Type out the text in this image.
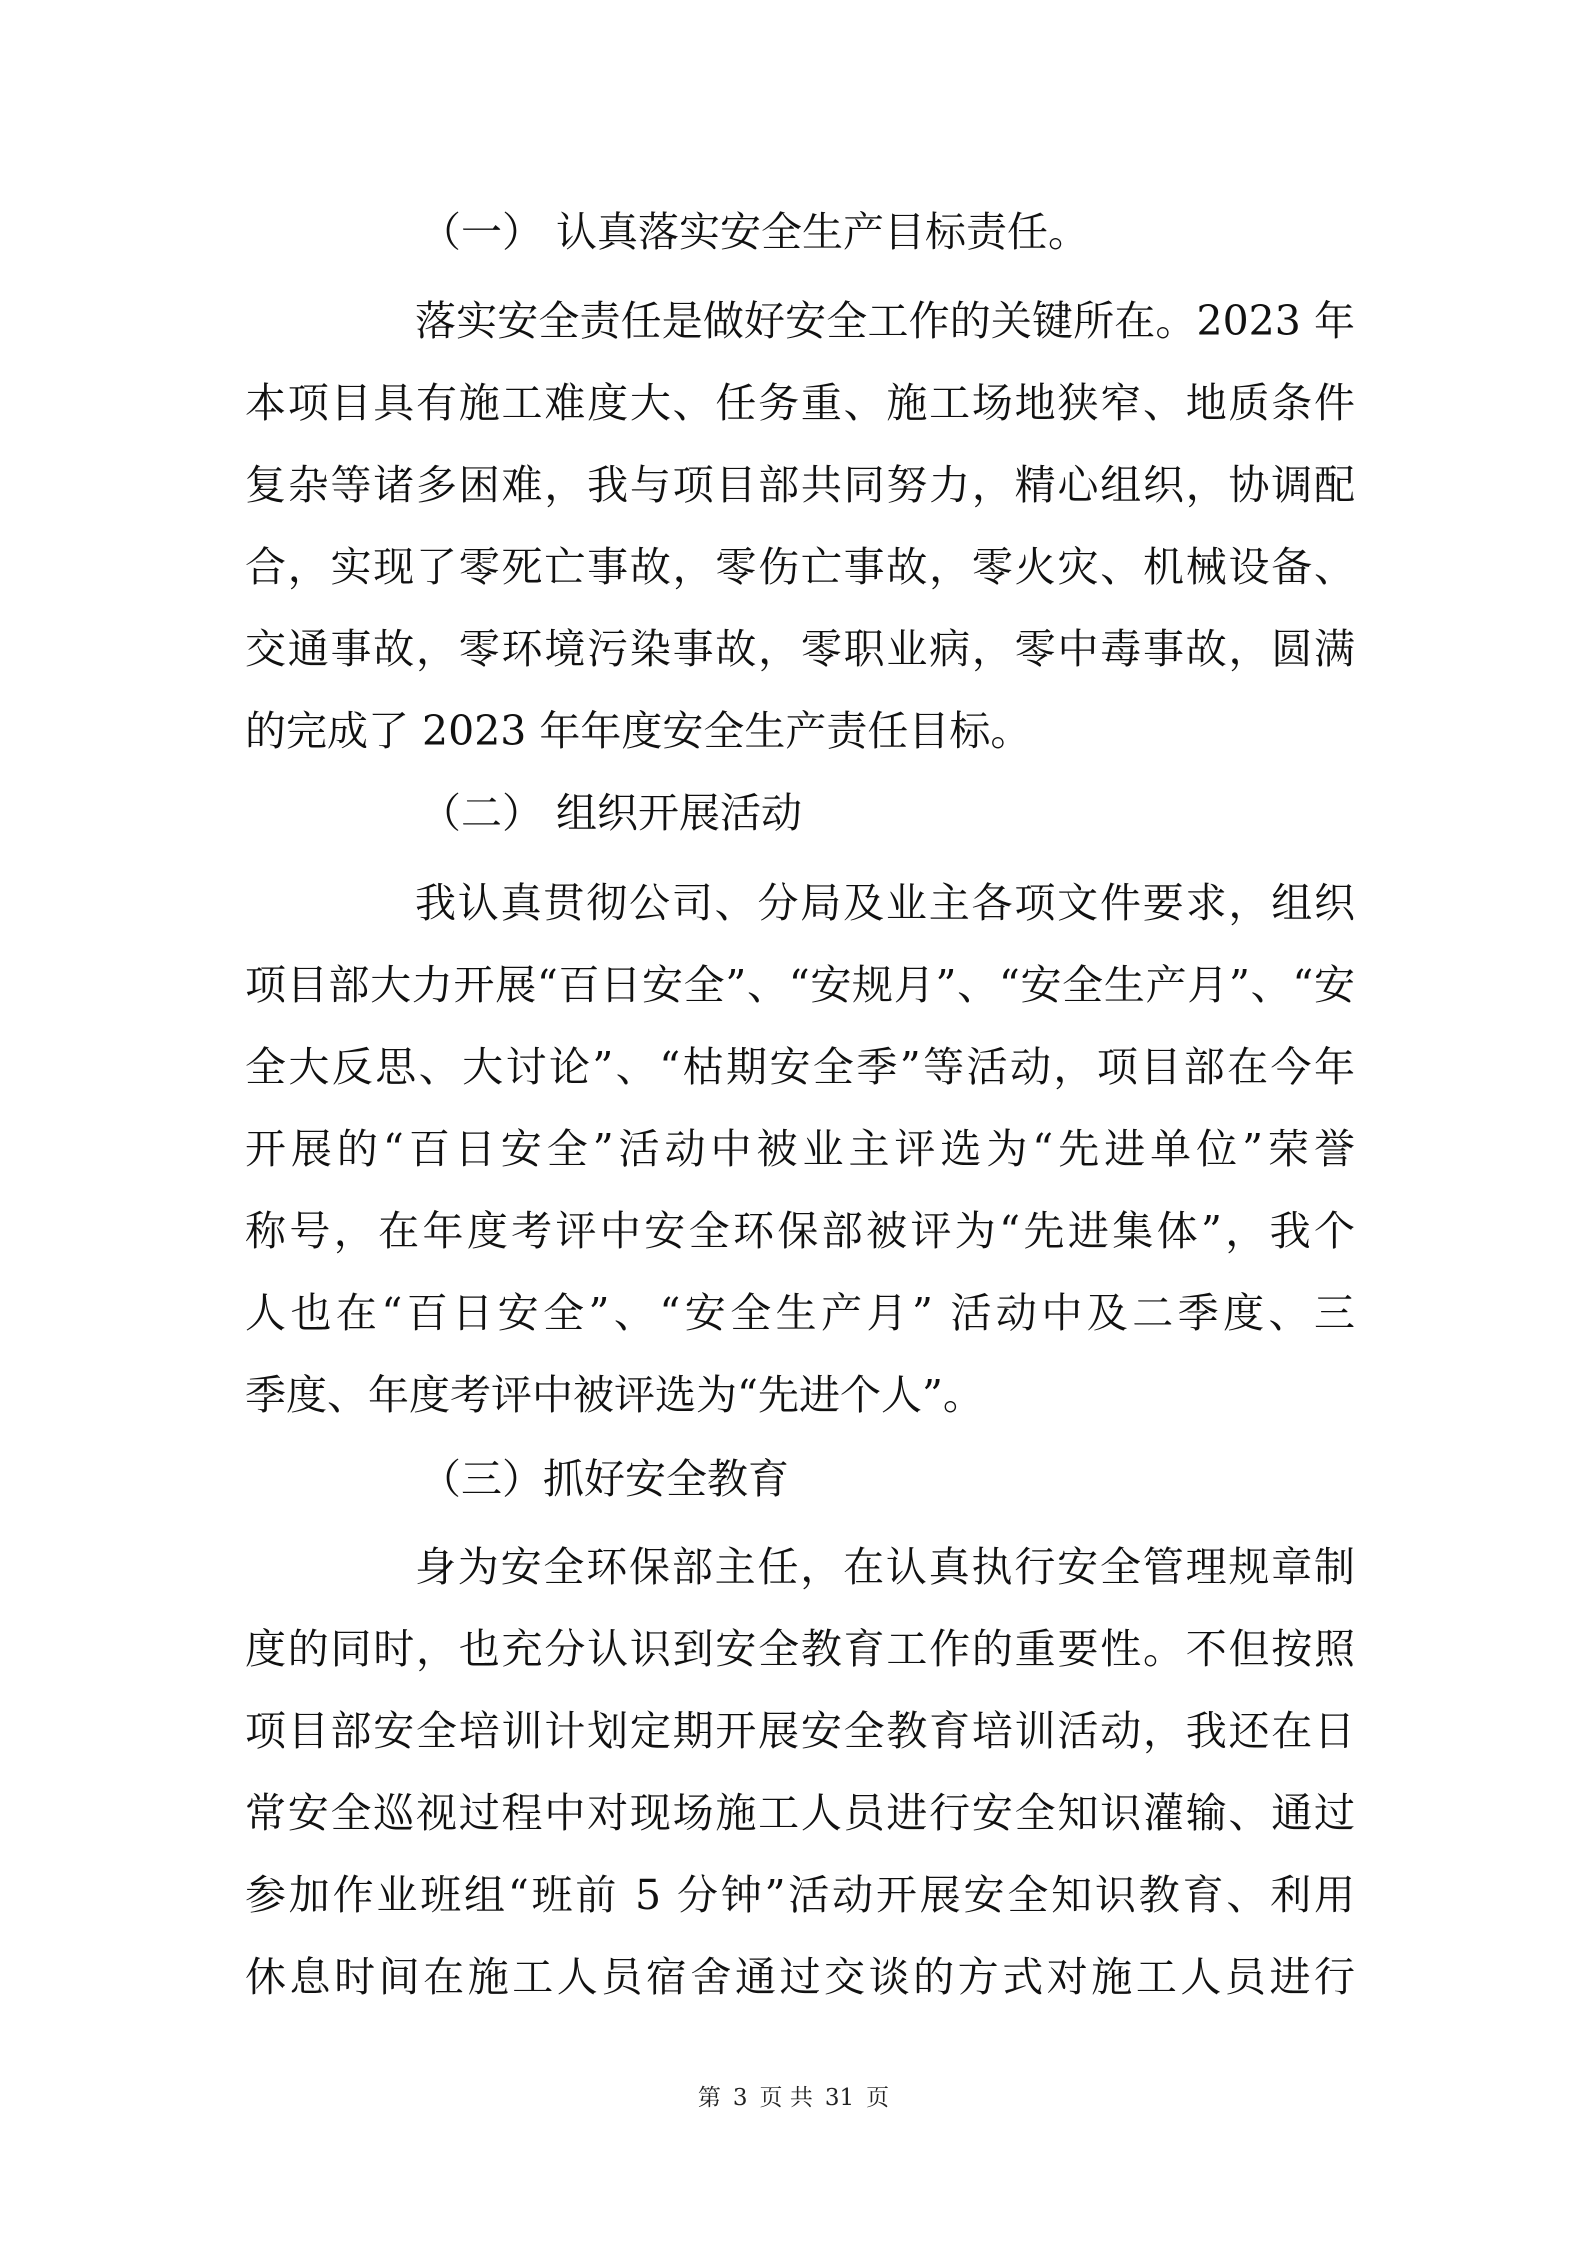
（一） 认真落实安全生产目标责任。
落实安全责任是做好安全工作的关键所在。2023 年
本项目具有施工难度大、任务重、施工场地狭窄、地质条件
复杂等诸多困难，我与项目部共同努力，精心组织，协调配
合，实现了零死亡事故，零伤亡事故，零火灾、机械设备、
交通事故，零环境污染事故，零职业病，零中毒事故，圆满
的完成了 2023 年年度安全生产责任目标。
（二） 组织开展活动
我认真贯彻公司、分局及业主各项文件要求，组织
项目部大力开展“百日安全”、“安规月”、“安全生产月”、“安
全大反思、大讨论”、“枯期安全季”等活动，项目部在今年
开展的“百日安全”活动中被业主评选为“先进单位”荣誉
称号，在年度考评中安全环保部被评为“先进集体”，我个
人也在“百日安全”、“安全生产月” 活动中及二季度、三
季度、年度考评中被评选为“先进个人”。
（三）抓好安全教育
身为安全环保部主任，在认真执行安全管理规章制
度的同时，也充分认识到安全教育工作的重要性。不但按照
项目部安全培训计划定期开展安全教育培训活动，我还在日
常安全巡视过程中对现场施工人员进行安全知识灌输、通过
参加作业班组“班前 5 分钟”活动开展安全知识教育、利用
休息时间在施工人员宿舍通过交谈的方式对施工人员进行
第 3 页 共 31 页
